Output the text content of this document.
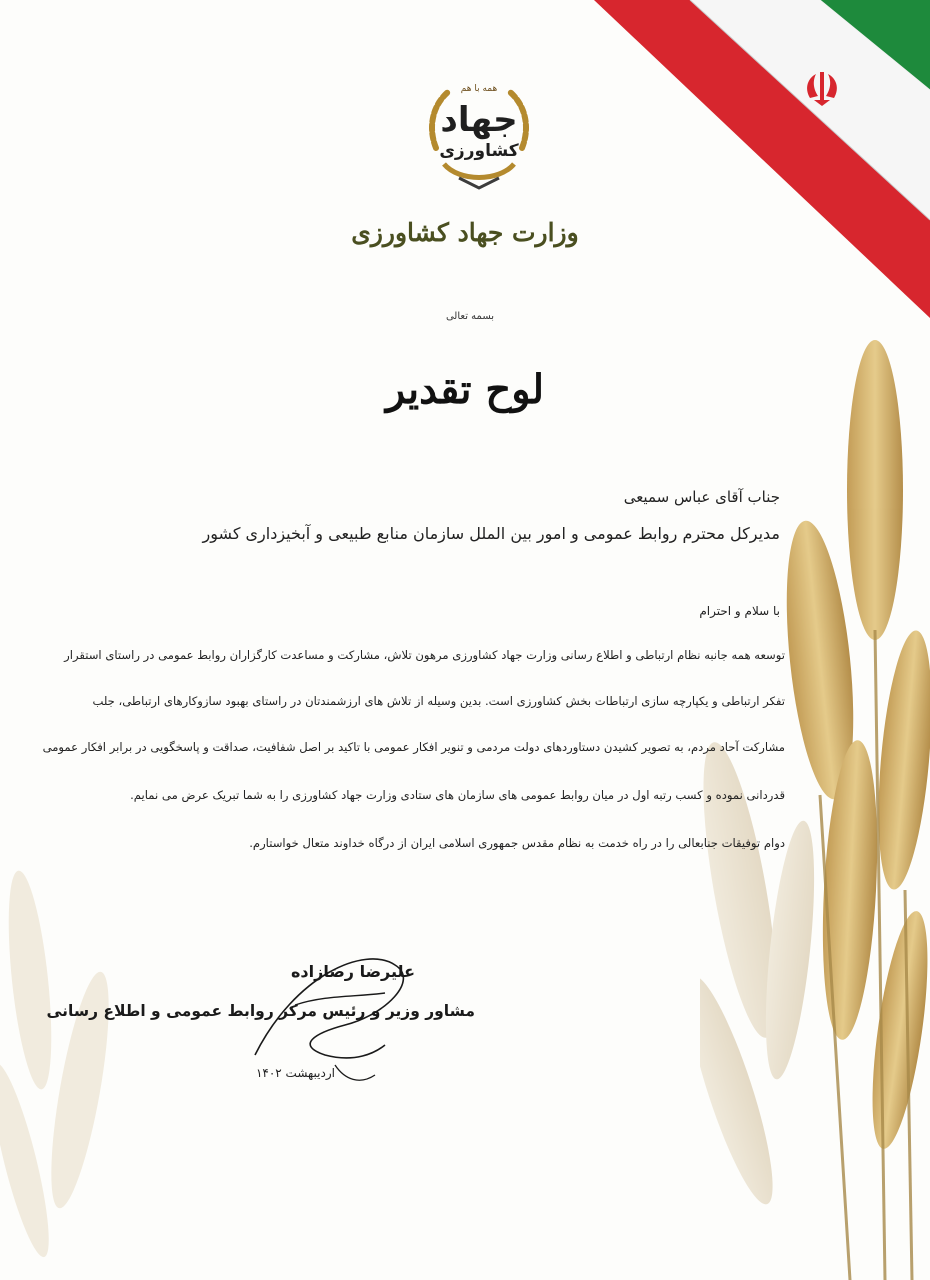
همه با هم
جهاد
کشاورزی
وزارت جهاد کشاورزی
بسمه تعالی
لوح تقدیر
جناب آقای عباس سمیعی
مدیرکل محترم روابط عمومی و امور بین الملل سازمان منابع طبیعی و آبخیزداری کشور
با سلام و احترام
توسعه همه جانبه نظام ارتباطی و اطلاع رسانی وزارت جهاد کشاورزی مرهون تلاش، مشارکت و مساعدت کارگزاران روابط عمومی در راستای استقرار
تفکر ارتباطی و یکپارچه سازی ارتباطات بخش کشاورزی است. بدین وسیله از تلاش های ارزشمندتان در راستای بهبود سازوکارهای ارتباطی، جلب
مشارکت آحاد مردم، به تصویر کشیدن دستاوردهای دولت مردمی و تنویر افکار عمومی با تاکید بر اصل شفافیت، صداقت و پاسخگویی در برابر افکار عمومی
قدردانی نموده و کسب رتبه اول در میان روابط عمومی های سازمان های ستادی وزارت جهاد کشاورزی را به شما تبریک عرض می نمایم.
دوام توفیقات جنابعالی را در راه خدمت به نظام مقدس جمهوری اسلامی ایران از درگاه خداوند متعال خواستارم.
علیرضا رضازاده
مشاور وزیر و رئیس مرکز روابط عمومی و اطلاع رسانی
اردیبهشت ۱۴۰۲
